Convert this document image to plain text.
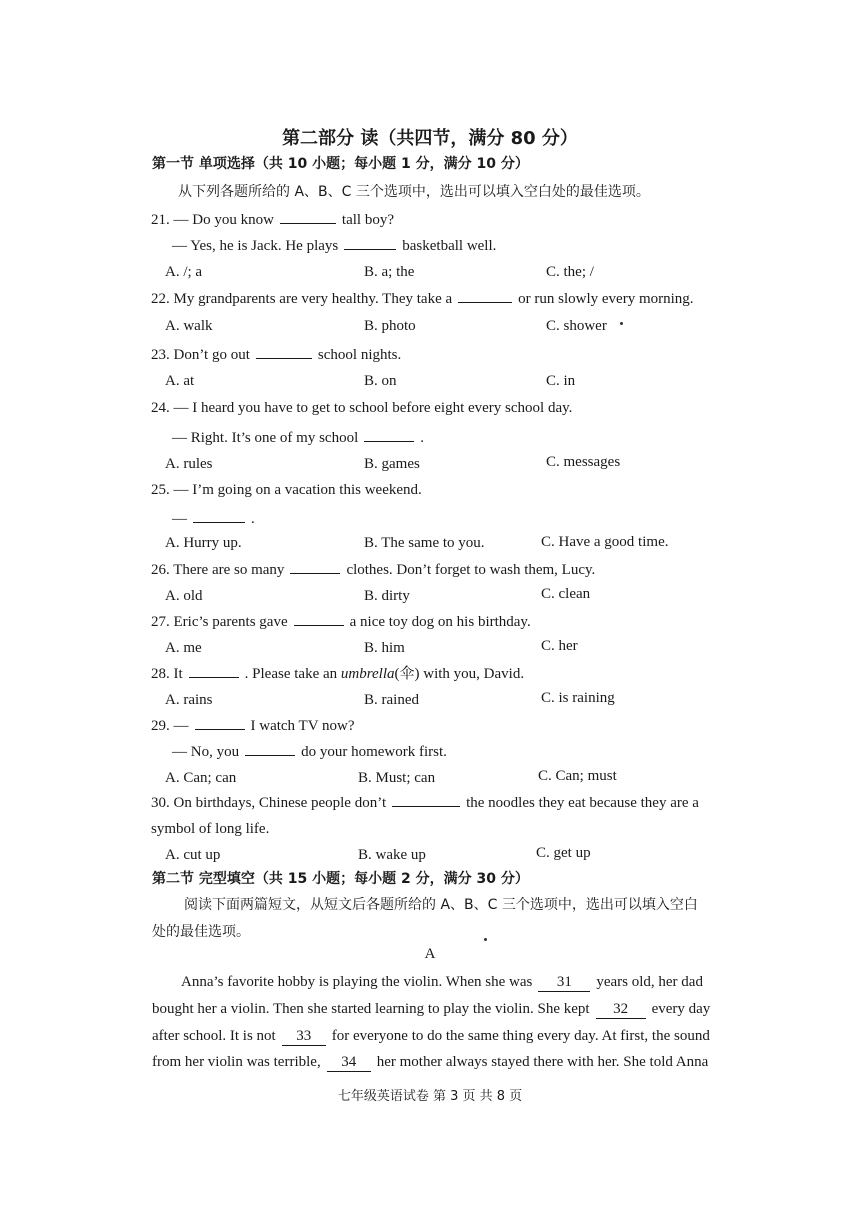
第二部分 读（共四节，满分 80 分）
第一节 单项选择（共 10 小题；每小题 1 分，满分 10 分）
从下列各题所给的 A、B、C 三个选项中，选出可以填入空白处的最佳选项。
21. — Do you know	tall boy?
— Yes, he is Jack. He plays	basketball well.
A. /; a	B. a; the	C. the; /
22. My grandparents are very healthy. They take a	or run slowly every morning.
A. walk	B. photo	C. shower
23. Don’t go out	school nights.
A. at	B. on	C. in
24. — I heard you have to get to school before eight every school day.
— Right. It’s one of my school	.
A. rules	B. games	C. messages
25. — I’m going on a vacation this weekend.
—	.
A. Hurry up.	B. The same to you.	C. Have a good time.
26. There are so many	clothes. Don’t forget to wash them, Lucy.
A. old	B. dirty	C. clean
27. Eric’s parents gave	a nice toy dog on his birthday.
A. me	B. him	C. her
28. It	. Please take an umbrella(伞) with you, David.
A. rains	B. rained	C. is raining
29. —	I watch TV now?
— No, you	do your homework first.
A. Can; can	B. Must; can	C. Can; must
30. On birthdays, Chinese people don’t	the noodles they eat because they are a
symbol of long life.
A. cut up	B. wake up	C. get up
第二节 完型填空（共 15 小题；每小题 2 分，满分 30 分）
阅读下面两篇短文，从短文后各题所给的 A、B、C 三个选项中，选出可以填入空白
处的最佳选项。
A
Anna’s favorite hobby is playing the violin. When she was 31 years old, her dad
bought her a violin. Then she started learning to play the violin. She kept 32 every day
after school. It is not 33 for everyone to do the same thing every day. At first, the sound
from her violin was terrible, 34 her mother always stayed there with her. She told Anna
七年级英语试卷 第 3 页 共 8 页
